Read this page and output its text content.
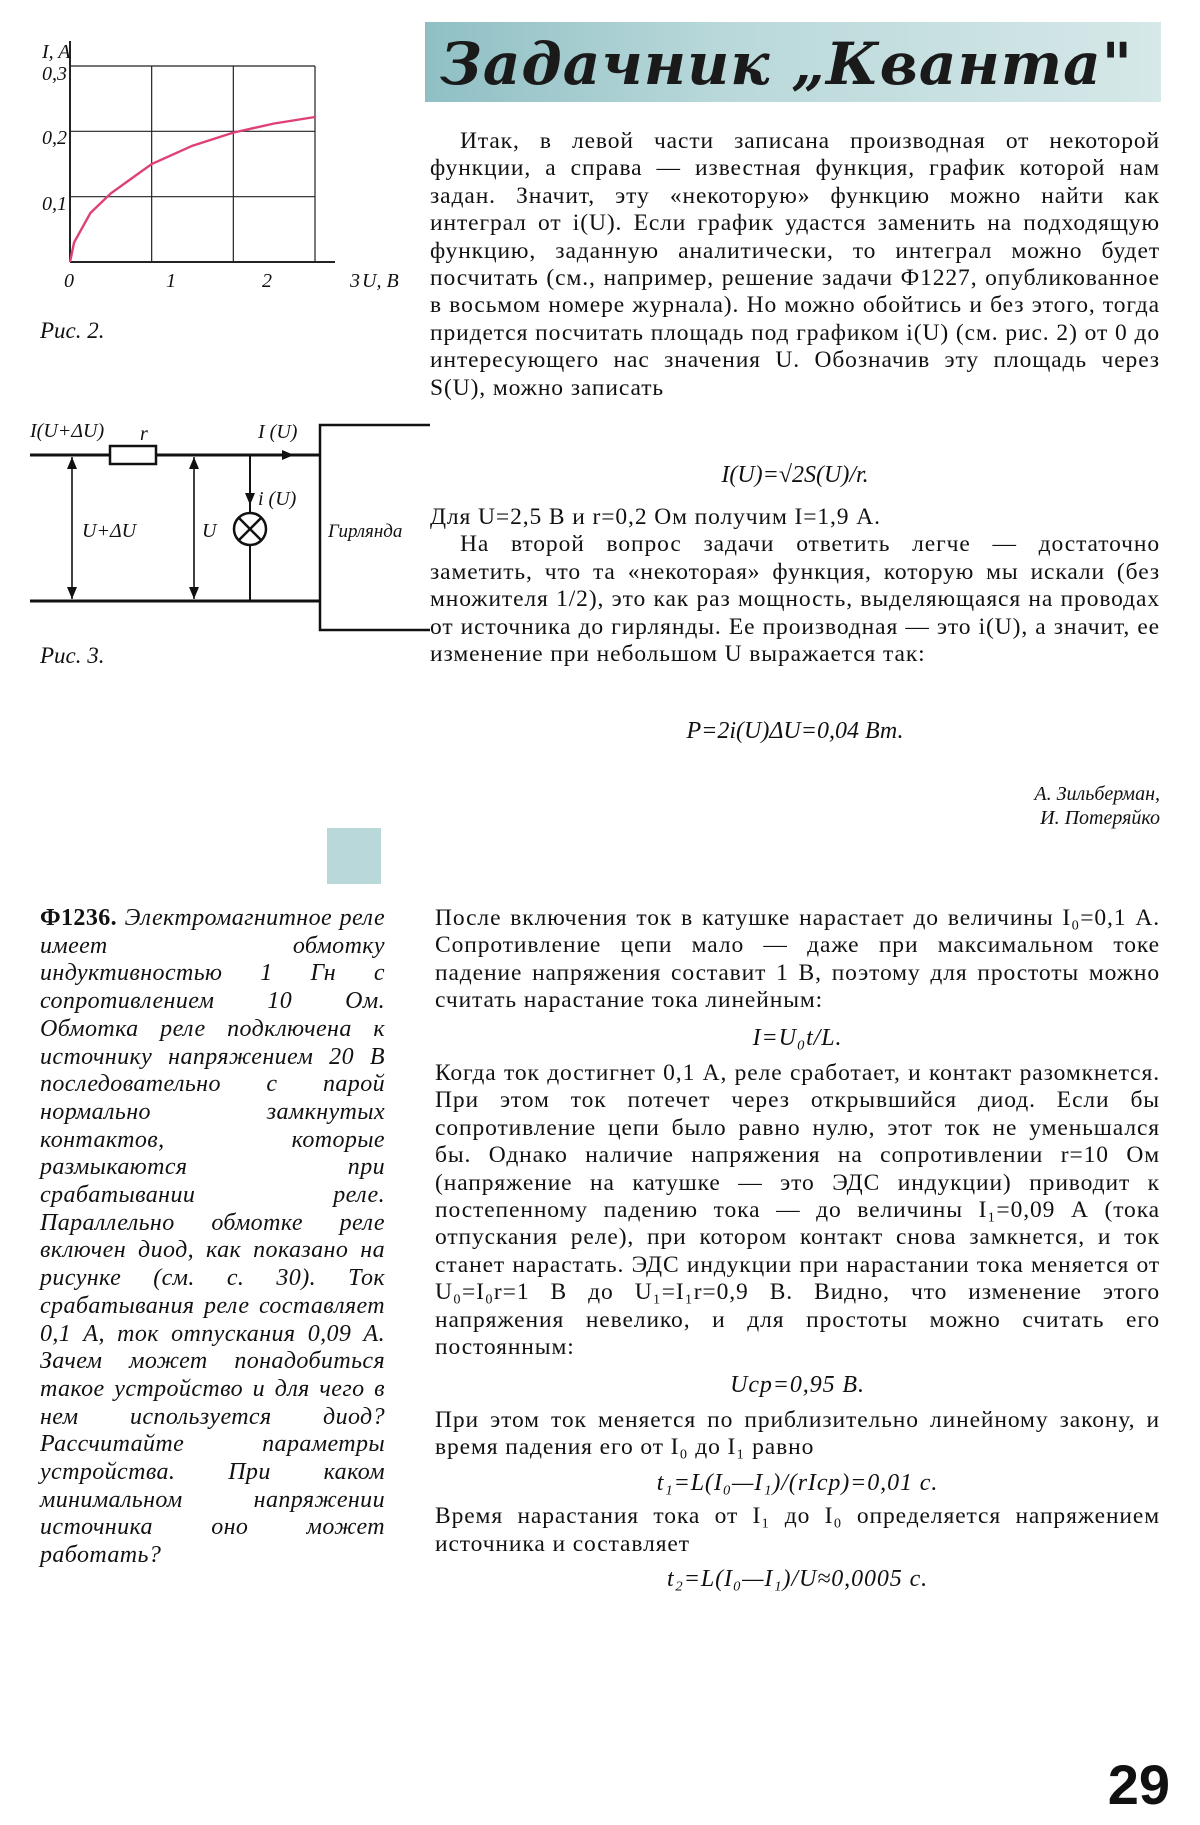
Задачник „Кванта"
I, A
U, B
0
0,3
0,2
0,1
1	2	3
Рис. 2.
I(U+ΔU) r	I (U)
i (U)
U+ΔU	U	Гирлянда
Рис. 3.

Итак, в левой части записана производная от некоторой функции, а справа — известная функция, график которой нам задан. Значит, эту «некоторую» функцию можно найти как интеграл от i(U). Если график удастся заменить на подходящую функцию, заданную аналитически, то интеграл можно будет посчитать (см., например, решение задачи Ф1227, опубликованное в восьмом номере журнала). Но можно обойтись и без этого, тогда придется посчитать площадь под графиком i(U) (см. рис. 2) от 0 до интересующего нас значения U. Обозначив эту площадь через S(U), можно записать

I(U)=√2S(U)/r.

Для U=2,5 В и r=0,2 Ом получим I=1,9 А.

На второй вопрос задачи ответить легче — достаточно заметить, что та «некоторая» функция, которую мы искали (без множителя 1/2), это как раз мощность, выделяющаяся на проводах от источника до гирлянды. Ее производная — это i(U), а значит, ее изменение при небольшом U выражается так:

P=2i(U)ΔU=0,04 Вт.
А. Зильберман,
И. Потеряйко
Ф1236. Электромагнитное реле имеет обмотку индуктивностью 1 Гн с сопротивлением 10 Ом. Обмотка реле подключена к источнику напряжением 20 В последовательно с парой нормально замкнутых контактов, которые размыкаются при срабатывании реле. Параллельно обмотке реле включен диод, как показано на рисунке (см. с. 30). Ток срабатывания реле составляет 0,1 А, ток отпускания 0,09 А. Зачем может понадобиться такое устройство и для чего в нем используется диод? Рассчитайте параметры устройства. При каком минимальном напряжении источника оно может работать?

После включения ток в катушке нарастает до величины I₀=0,1 А. Сопротивление цепи мало — даже при максимальном токе падение напряжения составит 1 В, поэтому для простоты можно считать нарастание тока линейным:

I=U₀t/L.

Когда ток достигнет 0,1 А, реле сработает, и контакт разомкнется. При этом ток потечет через открывшийся диод. Если бы сопротивление цепи было равно нулю, этот ток не уменьшался бы. Однако наличие напряжения на сопротивлении r=10 Ом (напряжение на катушке — это ЭДС индукции) приводит к постепенному падению тока — до величины I₁=0,09 А (тока отпускания реле), при котором контакт снова замкнется, и ток станет нарастать. ЭДС индукции при нарастании тока меняется от U₀=I₀r=1 В до U₁=I₁r=0,9 В. Видно, что изменение этого напряжения невелико, и для простоты можно считать его постоянным:

Uср=0,95 В.

При этом ток меняется по приблизительно линейному закону, и время падения его от I₀ до I₁ равно

t₁=L(I₀—I₁)/(rIср)=0,01 с.

Время нарастания тока от I₁ до I₀ определяется напряжением источника и составляет

t₂=L(I₀—I₁)/U≈0,0005 с.
29
